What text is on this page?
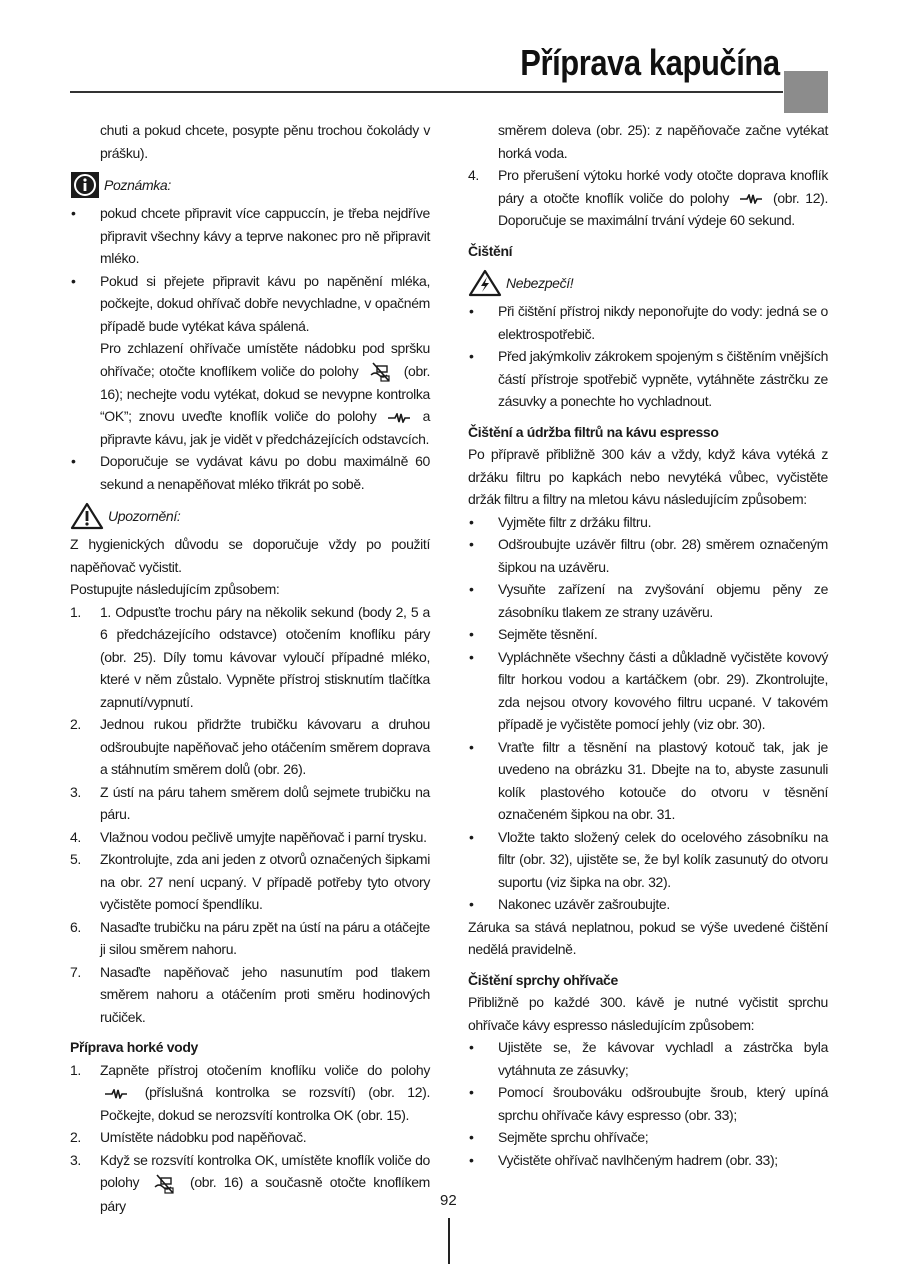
Příprava kapučína

chuti a pokud chcete, posypte pěnu trochou čokolády v prášku).

Poznámka:

• pokud chcete připravit více cappuccín, je třeba nejdříve připravit všechny kávy a teprve nakonec pro ně připravit mléko.

• Pokud si přejete připravit kávu po napěnění mléka, počkejte, dokud ohřívač dobře nevychladne, v opačném případě bude vytékat káva spálená.

Pro zchlazení ohřívače umístěte nádobku pod spršku ohřívače; otočte knoflíkem voliče do polohy	(obr. 16); nechejte vodu vytékat, dokud se nevypne kontrolka “OK”; znovu uveďte knoflík voliče do polohy	a připravte kávu, jak je vidět v předcházejících odstavcích.

• Doporučuje se vydávat kávu po dobu maximálně 60 sekund a nenapěňovat mléko třikrát po sobě.

Upozornění:

Z hygienických důvodu se doporučuje vždy po použití napěňovač vyčistit.

Postupujte následujícím způsobem:

1. 1. Odpusťte trochu páry na několik sekund (body 2, 5 a 6 předcházejícího odstavce) otočením knoflíku páry (obr. 25). Díly tomu kávovar vyloučí případné mléko, které v něm zůstalo. Vypněte přístroj stisknutím tlačítka zapnutí/vypnutí.
2. Jednou rukou přidržte trubičku kávovaru a druhou odšroubujte napěňovač jeho otáčením směrem doprava a stáhnutím směrem dolů (obr. 26).
3. Z ústí na páru tahem směrem dolů sejmete trubičku na páru.
4. Vlažnou vodou pečlivě umyjte napěňovač i parní trysku.
5. Zkontrolujte, zda ani jeden z otvorů označených šipkami na obr. 27 není ucpaný. V případě potřeby tyto otvory vyčistěte pomocí špendlíku.
6. Nasaďte trubičku na páru zpět na ústí na páru a otáčejte ji silou směrem nahoru.
7. Nasaďte napěňovač jeho nasunutím pod tlakem směrem nahoru a otáčením proti směru hodinových ručiček.

Příprava horké vody

1. Zapněte přístroj otočením knoflíku voliče do polohy  (příslušná kontrolka se rozsvítí) (obr. 12). Počkejte, dokud se nerozsvítí kontrolka OK (obr. 15).
2. Umístěte nádobku pod napěňovač.
3. Když se rozsvítí kontrolka OK, umístěte knoflík voliče do polohy	(obr. 16) a současně otočte knoflíkem páry

směrem doleva (obr. 25): z napěňovače začne vytékat horká voda.

4. Pro přerušení výtoku horké vody otočte doprava knoflík páry a otočte knoflík voliče do polohy	(obr. 12). Doporučuje se maximální trvání výdeje 60 sekund.

Čištění

Nebezpečí!

• Při čištění přístroj nikdy neponořujte do vody: jedná se o elektrospotřebič.

• Před jakýmkoliv zákrokem spojeným s čištěním vnějších částí přístroje spotřebič vypněte, vytáhněte zástrčku ze zásuvky a ponechte ho vychladnout.

Čištění a údržba filtrů na kávu espresso

Po přípravě přibližně 300 káv a vždy, když káva vytéká z držáku filtru po kapkách nebo nevytéká vůbec, vyčistěte držák filtru a filtry na mletou kávu následujícím způsobem:

• Vyjměte filtr z držáku filtru.

• Odšroubujte uzávěr filtru (obr. 28) směrem označeným šipkou na uzávěru.

• Vysuňte zařízení na zvyšování objemu pěny ze zásobníku tlakem ze strany uzávěru.

• Sejměte těsnění.

• Vypláchněte všechny části a důkladně vyčistěte kovový filtr horkou vodou a kartáčkem (obr. 29). Zkontrolujte, zda nejsou otvory kovového filtru ucpané. V takovém případě je vyčistěte pomocí jehly (viz obr. 30).

• Vraťte filtr a těsnění na plastový kotouč tak, jak je uvedeno na obrázku 31. Dbejte na to, abyste zasunuli kolík plastového kotouče do otvoru v těsnění označeném šipkou na obr. 31.

• Vložte takto složený celek do ocelového zásobníku na filtr (obr. 32), ujistěte se, že byl kolík zasunutý do otvoru suportu (viz šipka na obr. 32).

• Nakonec uzávěr zašroubujte.

Záruka sa stává neplatnou, pokud se výše uvedené čištění nedělá pravidelně.

Čištění sprchy ohřívače

Přibližně po každé 300. kávě je nutné vyčistit sprchu ohřívače kávy espresso následujícím způsobem:

• Ujistěte se, že kávovar vychladl a zástrčka byla vytáhnuta ze zásuvky;

• Pomocí šroubováku odšroubujte šroub, který upíná sprchu ohřívače kávy espresso (obr. 33);

• Sejměte sprchu ohřívače;

• Vyčistěte ohřívač navlhčeným hadrem (obr. 33);

92
